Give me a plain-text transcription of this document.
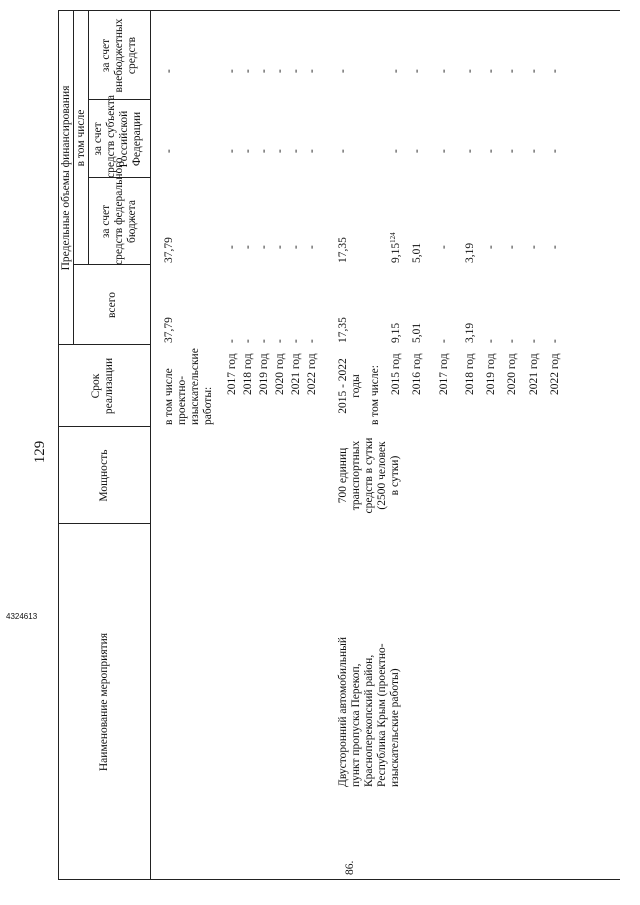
4324613
129
Наименование мероприятия
Мощность
Срок реализации
Предельные объемы финансирования
всего
в том числе
за счет средств федерального бюджета
за счет средств субъекта Российской Федерации
за счет внебюджетных средств
в том числе проектно- изыскательские работы:
37,79
37,79
-
-
2017 год
-
-
-
-
2018 год
-
-
-
-
2019 год
-
-
-
-
2020 год
-
-
-
-
2021 год
-
-
-
-
2022 год
-
-
-
-
86.
Двусторонний автомобильный пункт пропуска Перекоп, Красноперекопский район, Республика Крым (проектно- изыскательские работы)
700 единиц транспортных средств в сутки (2500 человек в сутки)
2015 - 2022 годы
17,35
17,35
-
-
в том числе: 2015 год
9,15
9,15$^{124}$
-
-
2016 год
5,01
5,01
-
-
2017 год
-
-
-
-
2018 год
3,19
3,19
-
-
2019 год
-
-
-
-
2020 год
-
-
-
-
2021 год
-
-
-
-
2022 год
-
-
-
-
